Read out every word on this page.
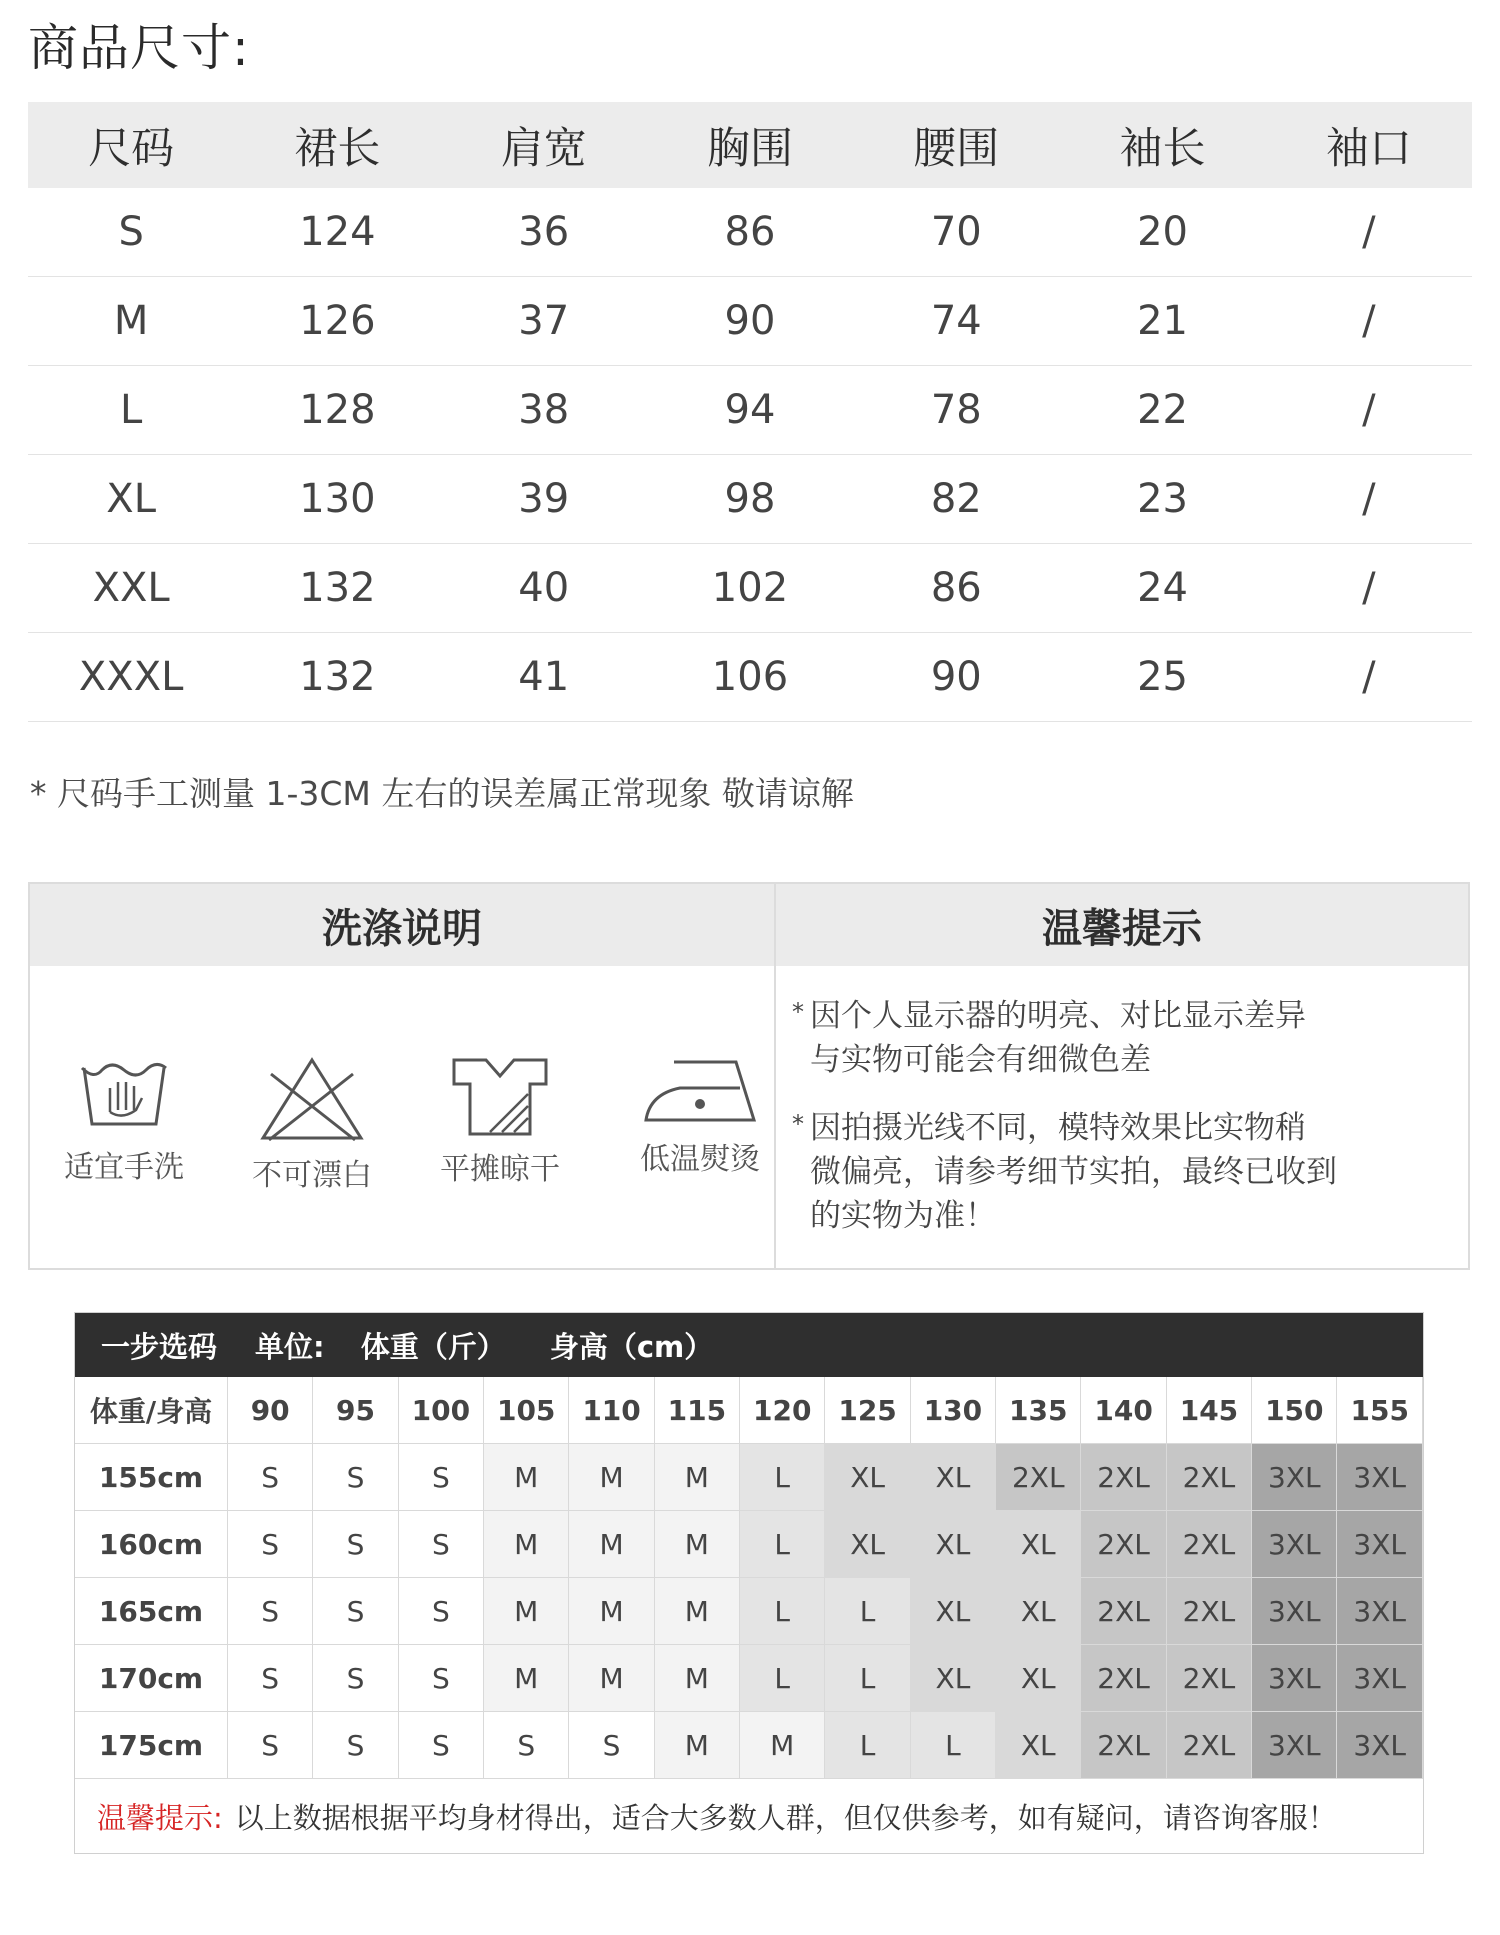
商品尺寸:
尺码	裙长	肩宽	胸围	腰围	袖长	袖口
S	124	36	86	70	20	/
M	126	37	90	74	21	/
L	128	38	94	78	22	/
XL	130	39	98	82	23	/
XXL	132	40	102	86	24	/
XXXL	132	41	106	90	25	/
* 尺码手工测量 1-3CM 左右的误差属正常现象 敬请谅解
洗涤说明	温馨提示
适宜手洗	不可漂白	平摊晾干	低温熨烫
* 因个人显示器的明亮、对比显示差异
与实物可能会有细微色差
* 因拍摄光线不同，模特效果比实物稍
微偏亮，请参考细节实拍，最终已收到
的实物为准！
一步选码 单位: 体重（斤） 身高（cm）
体重/身高	90	95	100	105	110	115	120	125	130	135	140	145	150	155
155cm	S	S	S	M	M	M	L	XL	XL	2XL	2XL	2XL	3XL	3XL
160cm	S	S	S	M	M	M	L	XL	XL	XL	2XL	2XL	3XL	3XL
165cm	S	S	S	M	M	M	L	L	XL	XL	2XL	2XL	3XL	3XL
170cm	S	S	S	M	M	M	L	L	XL	XL	2XL	2XL	3XL	3XL
175cm	S	S	S	S	S	M	M	L	L	XL	2XL	2XL	3XL	3XL
温馨提示: 以上数据根据平均身材得出，适合大多数人群，但仅供参考，如有疑问，请咨询客服！
